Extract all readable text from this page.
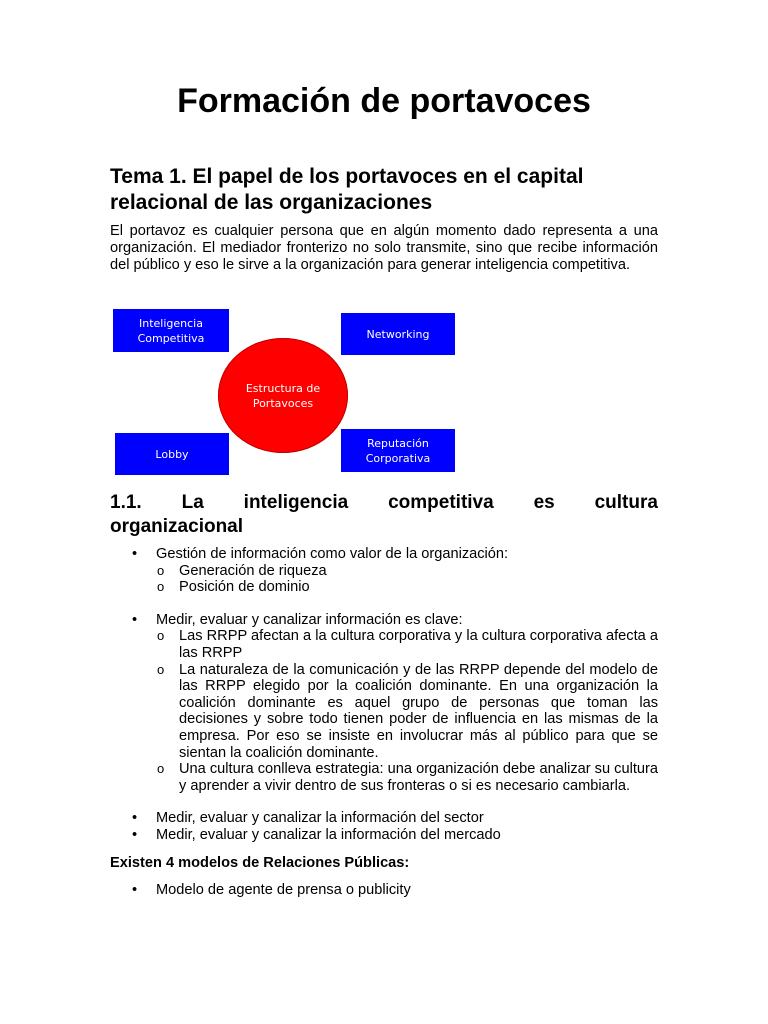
Formación de portavoces
Tema 1. El papel de los portavoces en el capital
relacional de las organizaciones

El portavoz es cualquier persona que en algún momento dado representa a una organización. El mediador fronterizo no solo transmite, sino que recibe información del público y eso le sirve a la organización para generar inteligencia competitiva.

Inteligencia
Competitiva	Networking
Estructura de
Portavoces
Lobby
Reputación
Corporativa
1.1. La inteligencia competitiva es cultura
organizacional

• Gestión de información como valor de la organización:

o Generación de riqueza

o Posición de dominio

• Medir, evaluar y canalizar información es clave:

o Las RRPP afectan a la cultura corporativa y la cultura corporativa afecta a las RRPP

o La naturaleza de la comunicación y de las RRPP depende del modelo de las RRPP elegido por la coalición dominante. En una organización la coalición dominante es aquel grupo de personas que toman las decisiones y sobre todo tienen poder de influencia en las mismas de la empresa. Por eso se insiste en involucrar más al público para que se sientan la coalición dominante.

o Una cultura conlleva estrategia: una organización debe analizar su cultura y aprender a vivir dentro de sus fronteras o si es necesario cambiarla.

• Medir, evaluar y canalizar la información del sector

• Medir, evaluar y canalizar la información del mercado

Existen 4 modelos de Relaciones Públicas:

• Modelo de agente de prensa o publicity
